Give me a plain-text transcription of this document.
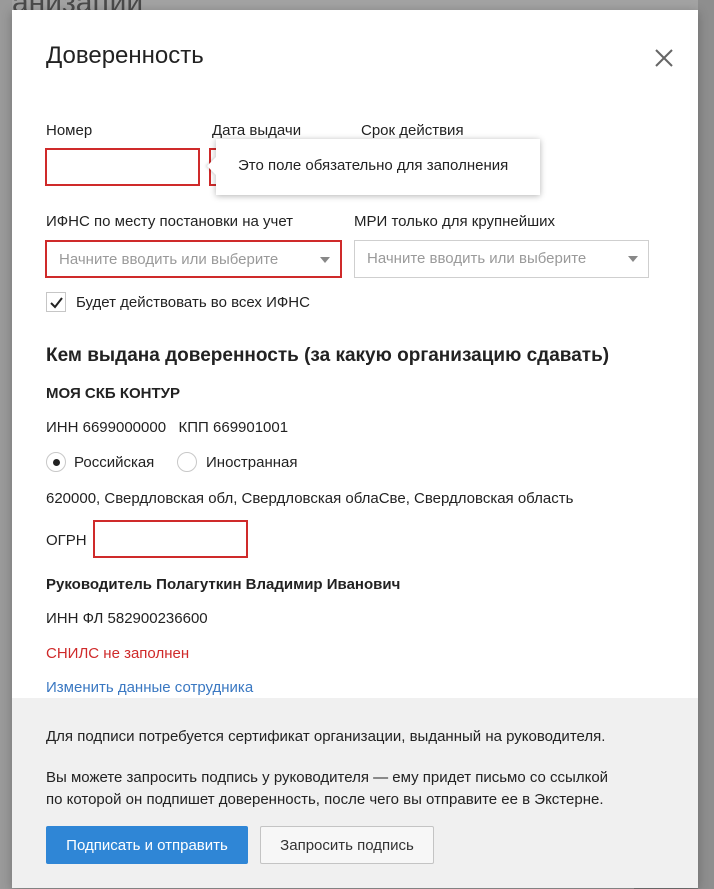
Доверенность
Номер	Дата выдачи	Срок действия
Это поле обязательно для заполнения
ИФНС по месту постановки на учет	МРИ только для крупнейших
Начните вводить или выберите	Начните вводить или выберите
Будет действовать во всех ИФНС
Кем выдана доверенность (за какую организацию сдавать)
МОЯ СКБ КОНТУР
ИНН 6699000000   КПП 669901001
Российская	Иностранная
620000, Свердловская обл, Свердловская облаСве, Свердловская область
ОГРН
Руководитель Полагуткин Владимир Иванович
ИНН ФЛ 582900236600
СНИЛС не заполнен
Изменить данные сотрудника
Для подписи потребуется сертификат организации, выданный на руководителя.
Вы можете запросить подпись у руководителя — ему придет письмо со ссылкой
по которой он подпишет доверенность, после чего вы отправите ее в Экстерне.
Подписать и отправить	Запросить подпись
